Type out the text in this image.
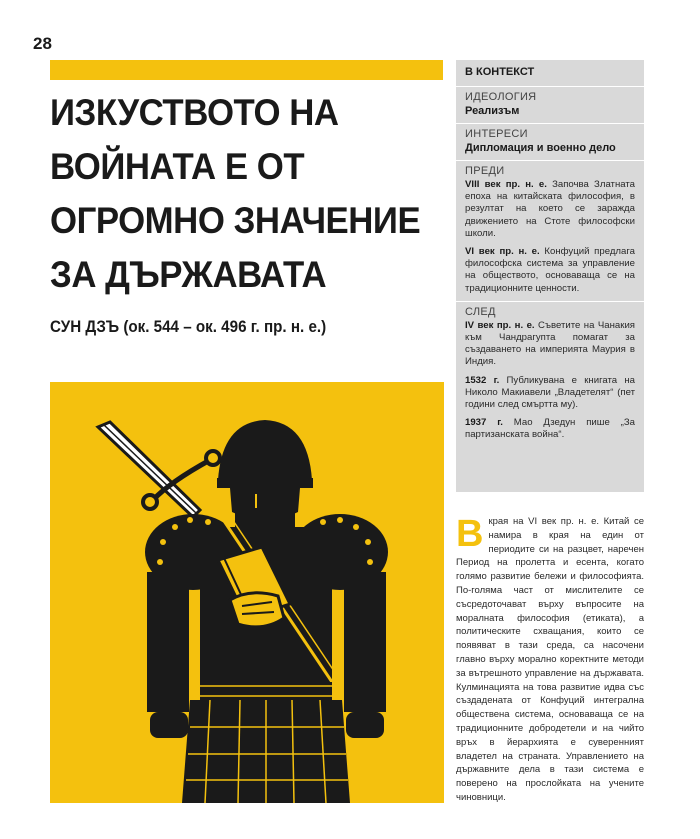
28
ИЗКУСТВОТО НА
ВОЙНАТА Е ОТ
ОГРОМНО ЗНАЧЕНИЕ
ЗА ДЪРЖАВАТА
СУН ДЗЪ (ок. 544 – ок. 496 г. пр. н. е.)
В КОНТЕКСТ
ИДЕОЛОГИЯ
Реализъм
ИНТЕРЕСИ
Дипломация и военно дело
ПРЕДИ
VIII век пр. н. е. Започва Златната епоха на китайската философия, в резултат на което се заражда движението на Стоте философски школи.
VI век пр. н. е. Конфуций предлага философска система за управление на обществото, основаваща се на традиционните ценности.
СЛЕД
IV век пр. н. е. Съветите на Чанакия към Чандрагупта помагат за създаването на империята Маурия в Индия.
1532 г. Публикувана е книгата на Николо Макиавели „Владетелят“ (пет години след смъртта му).
1937 г. Мао Дзедун пише „За партизанската война“.

Вкрая на VI век пр. н. е. Китай се намира в края на един от периодите си на разцвет, наречен Период на пролетта и есента, когато голямо развитие бележи и философията. По-голяма част от мислителите се съсредоточават върху въпросите на моралната философия (етиката), а политическите схващания, които се появяват в тази среда, са насочени главно върху морално коректните методи за вътрешното управление на държавата. Кулминацията на това развитие идва със създадената от Конфуций интегрална обществена система, основаваща се на традиционните добродетели и на чийто връх в йерархията е суверенният владетел на страната. Управлението на държавните дела в тази система е поверено на прослойката на учените чиновници.
